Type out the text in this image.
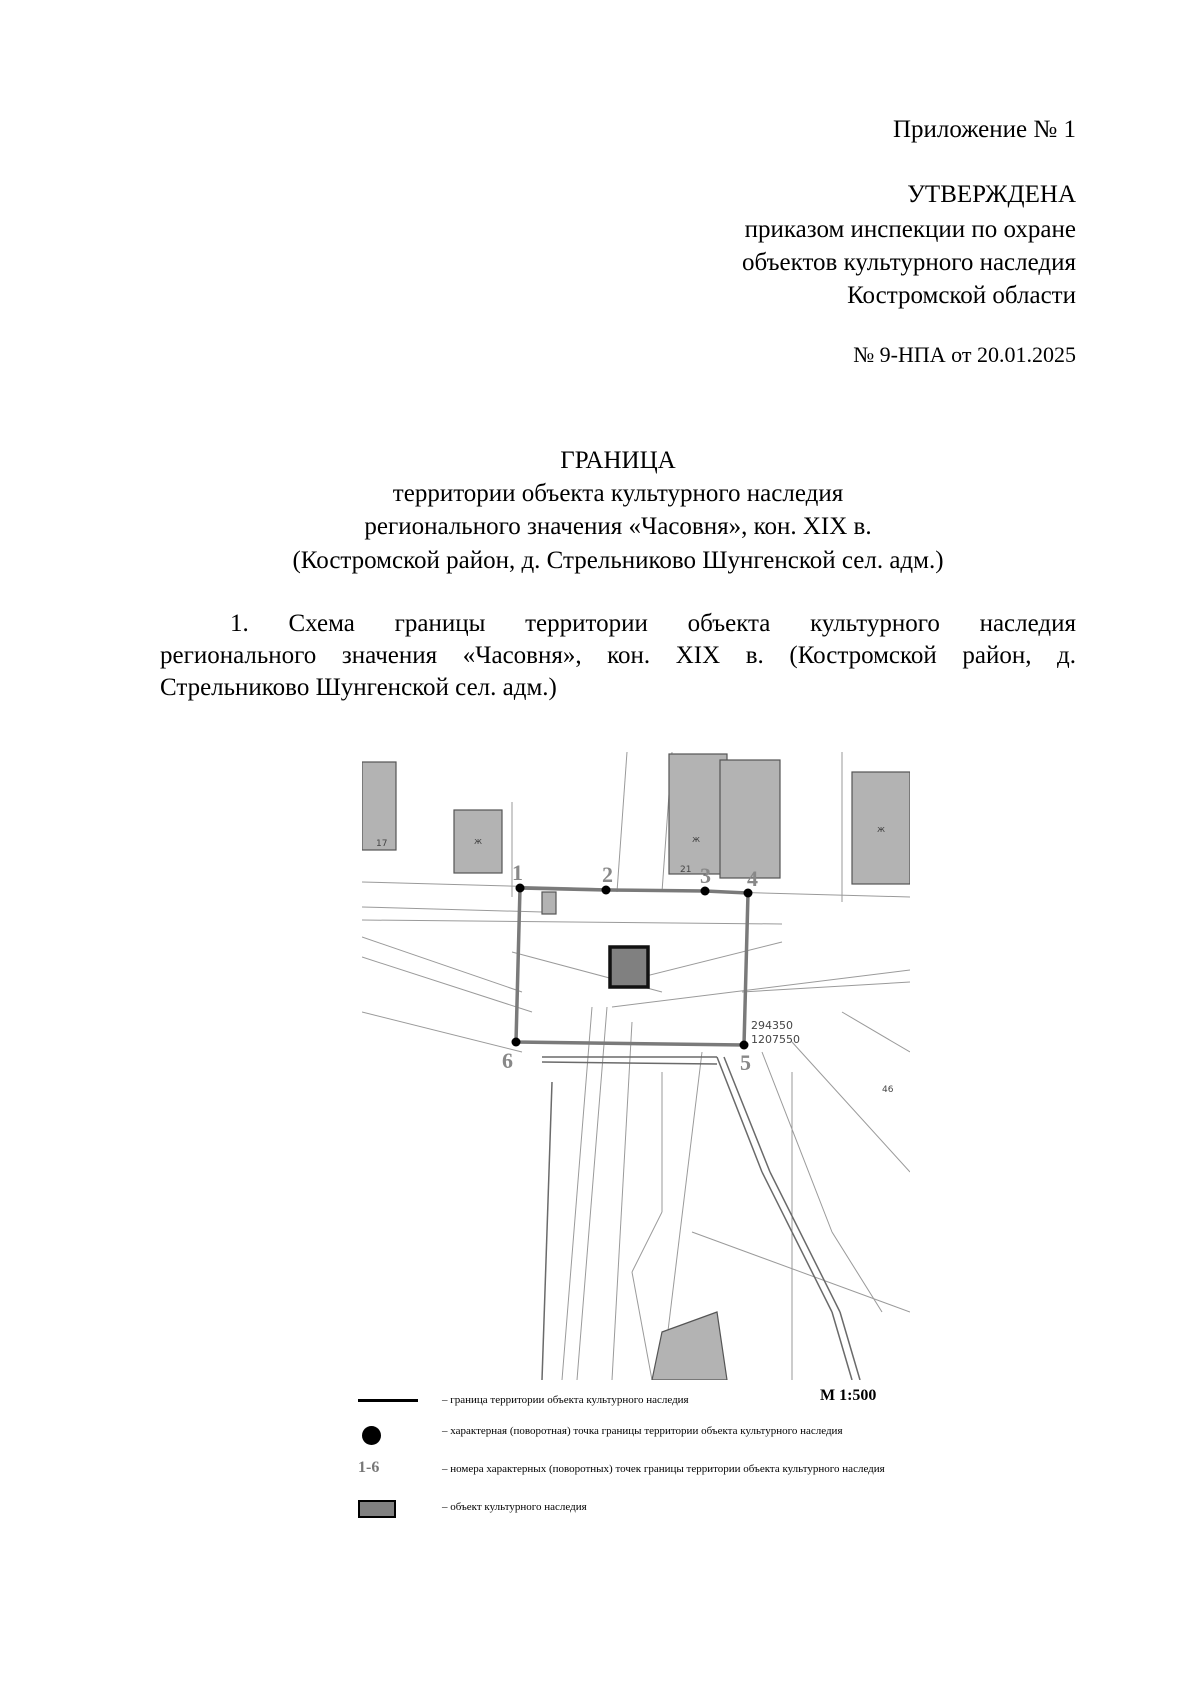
Приложение № 1
УТВЕРЖДЕНА
приказом инспекции по охране
объектов культурного наследия
Костромской области
№ 9-НПА от 20.01.2025
ГРАНИЦА
территории объекта культурного наследия
регионального значения «Часовня», кон. XIX в.
(Костромской район, д. Стрельниково Шунгенской сел. адм.)
1. Схема границы территории объекта культурного наследия
регионального значения «Часовня», кон. XIX в. (Костромской район, д.
Стрельниково Шунгенской сел. адм.)
ж	ж
ж
17
21
46
1	2	3 4
5
6
294350
1207550
– граница территории объекта культурного наследия	М 1:500
– характерная (поворотная) точка границы территории объекта культурного наследия
1-6	– номера характерных (поворотных) точек границы территории объекта культурного наследия
– объект культурного наследия
